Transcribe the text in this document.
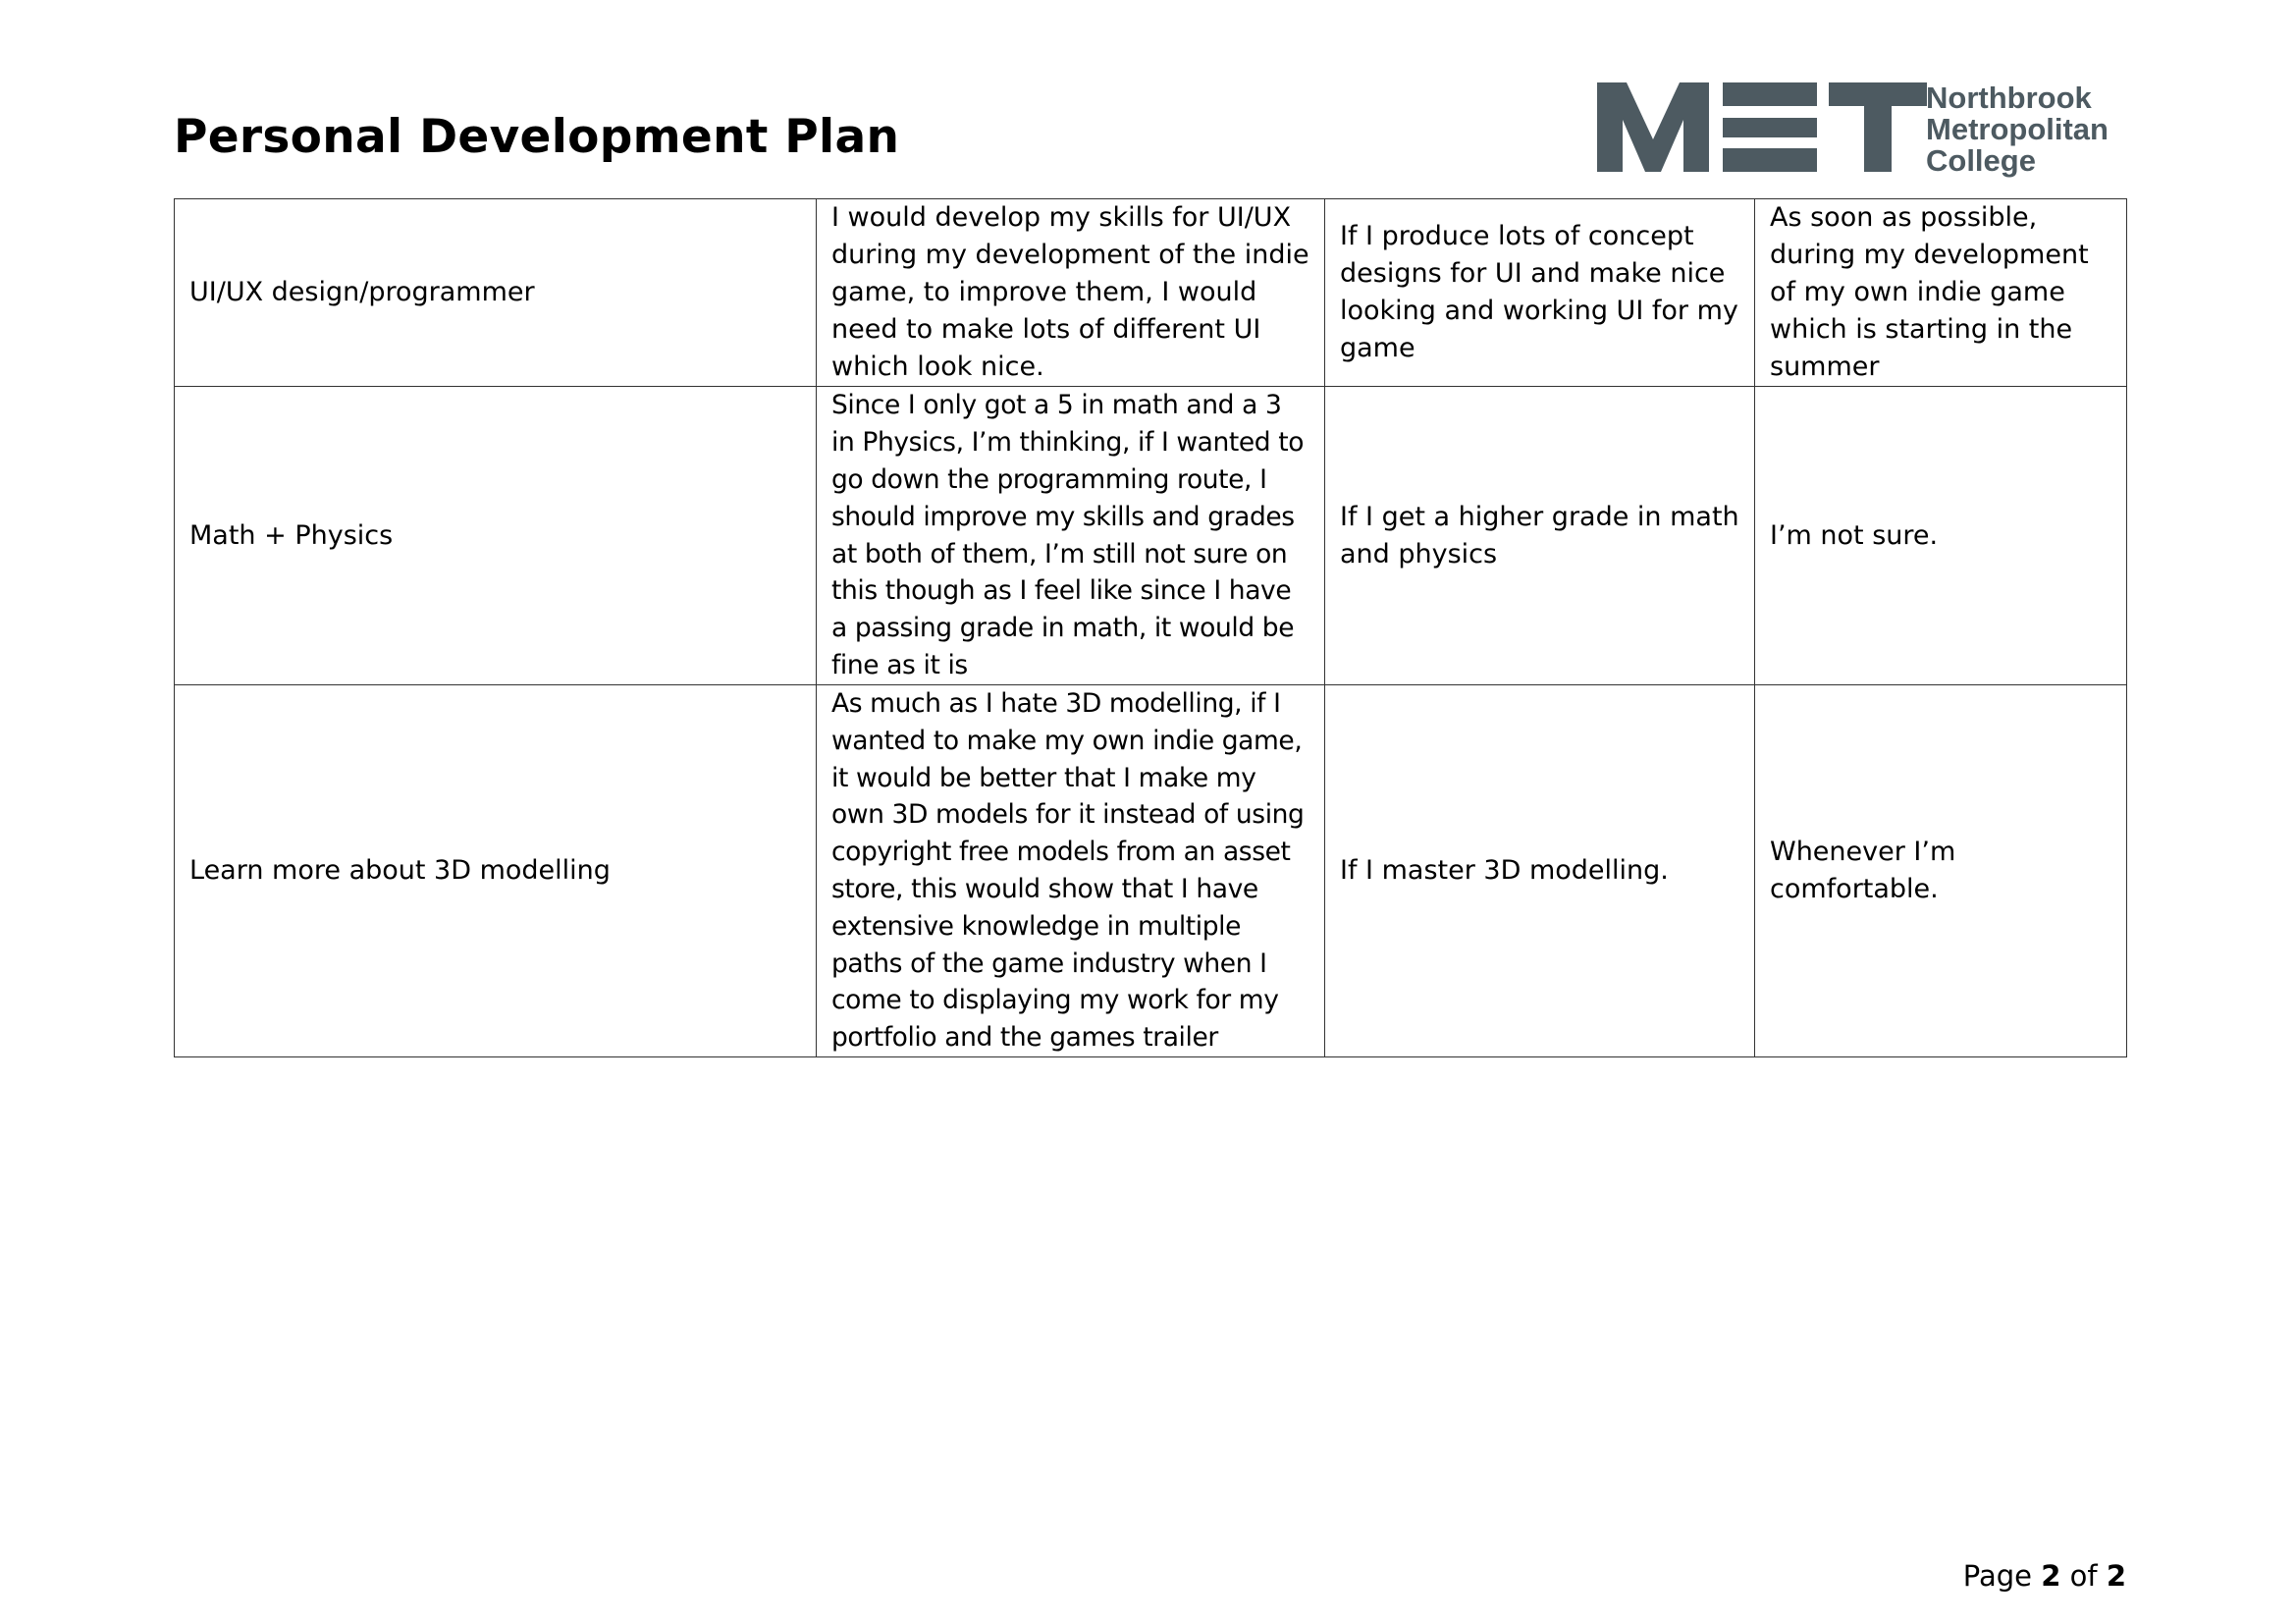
Personal Development Plan
Northbrook
Metropolitan
College
UI/UX design/programmer	I would develop my skills for UI/UX during my development of the indie game, to improve them, I would need to make lots of different UI which look nice.	If I produce lots of concept designs for UI and make nice looking and working UI for my game	As soon as possible, during my development of my own indie game which is starting in the summer
Math + Physics	Since I only got a 5 in math and a 3 in Physics, I’m thinking, if I wanted to go down the programming route, I should improve my skills and grades at both of them, I’m still not sure on this though as I feel like since I have a passing grade in math, it would be fine as it is	If I get a higher grade in math and physics	I’m not sure.
Learn more about 3D modelling	As much as I hate 3D modelling, if I wanted to make my own indie game, it would be better that I make my own 3D models for it instead of using copyright free models from an asset store, this would show that I have extensive knowledge in multiple paths of the game industry when I come to displaying my work for my portfolio and the games trailer	If I master 3D modelling.	Whenever I’m comfortable.
Page 2 of 2
